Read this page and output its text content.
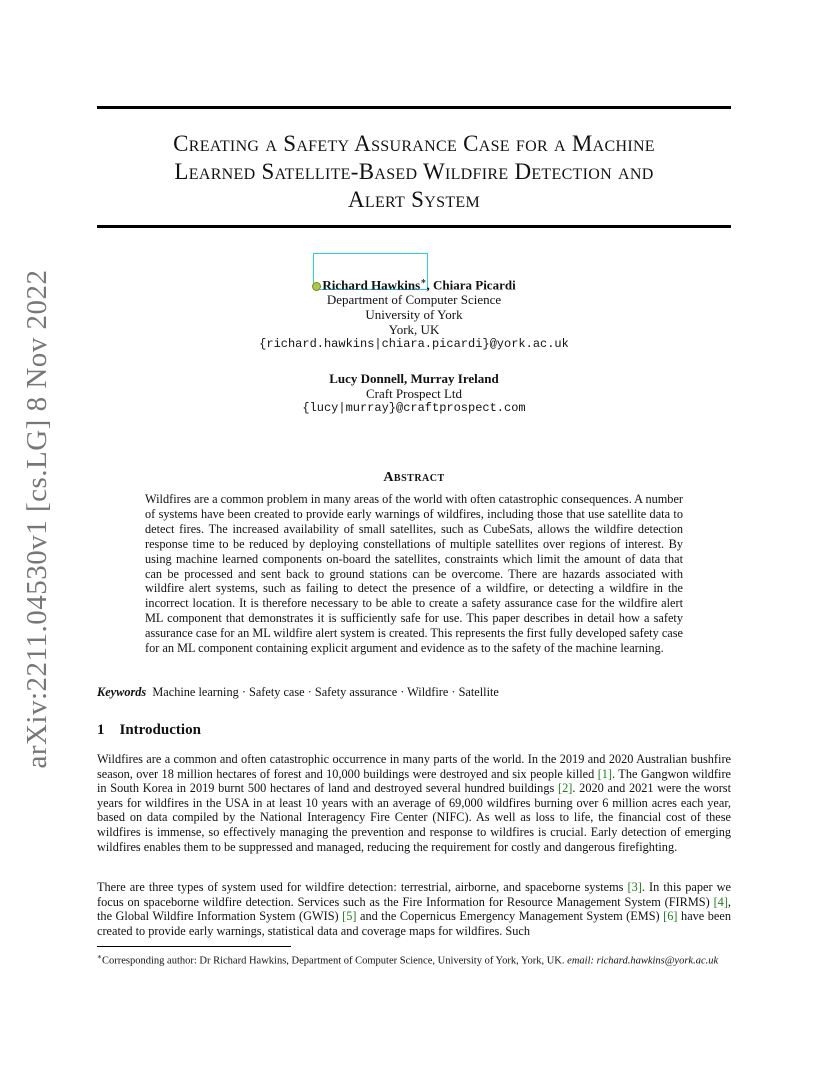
arXiv:2211.04530v1 [cs.LG] 8 Nov 2022
Creating a Safety Assurance Case for a Machine
Learned Satellite-Based Wildfire Detection and
Alert System
Richard Hawkins∗, Chiara Picardi
Department of Computer Science
University of York
York, UK
{richard.hawkins|chiara.picardi}@york.ac.uk
Lucy Donnell, Murray Ireland
Craft Prospect Ltd
{lucy|murray}@craftprospect.com
Abstract
Wildfires are a common problem in many areas of the world with often catastrophic consequences. A number of systems have been created to provide early warnings of wildfires, including those that use satellite data to detect fires. The increased availability of small satellites, such as CubeSats, allows the wildfire detection response time to be reduced by deploying constellations of multiple satellites over regions of interest. By using machine learned components on-board the satellites, constraints which limit the amount of data that can be processed and sent back to ground stations can be overcome. There are hazards associated with wildfire alert systems, such as failing to detect the presence of a wildfire, or detecting a wildfire in the incorrect location. It is therefore necessary to be able to create a safety assurance case for the wildfire alert ML component that demonstrates it is sufficiently safe for use. This paper describes in detail how a safety assurance case for an ML wildfire alert system is created. This represents the first fully developed safety case for an ML component containing explicit argument and evidence as to the safety of the machine learning.
Keywords Machine learning · Safety case · Safety assurance · Wildfire · Satellite
1 Introduction
Wildfires are a common and often catastrophic occurrence in many parts of the world. In the 2019 and 2020 Australian bushfire season, over 18 million hectares of forest and 10,000 buildings were destroyed and six people killed [1]. The Gangwon wildfire in South Korea in 2019 burnt 500 hectares of land and destroyed several hundred buildings [2]. 2020 and 2021 were the worst years for wildfires in the USA in at least 10 years with an average of 69,000 wildfires burning over 6 million acres each year, based on data compiled by the National Interagency Fire Center (NIFC). As well as loss to life, the financial cost of these wildfires is immense, so effectively managing the prevention and response to wildfires is crucial. Early detection of emerging wildfires enables them to be suppressed and managed, reducing the requirement for costly and dangerous firefighting.
There are three types of system used for wildfire detection: terrestrial, airborne, and spaceborne systems [3]. In this paper we focus on spaceborne wildfire detection. Services such as the Fire Information for Resource Management System (FIRMS) [4], the Global Wildfire Information System (GWIS) [5] and the Copernicus Emergency Management System (EMS) [6] have been created to provide early warnings, statistical data and coverage maps for wildfires. Such
∗Corresponding author: Dr Richard Hawkins, Department of Computer Science, University of York, York, UK. email: richard.hawkins@york.ac.uk
